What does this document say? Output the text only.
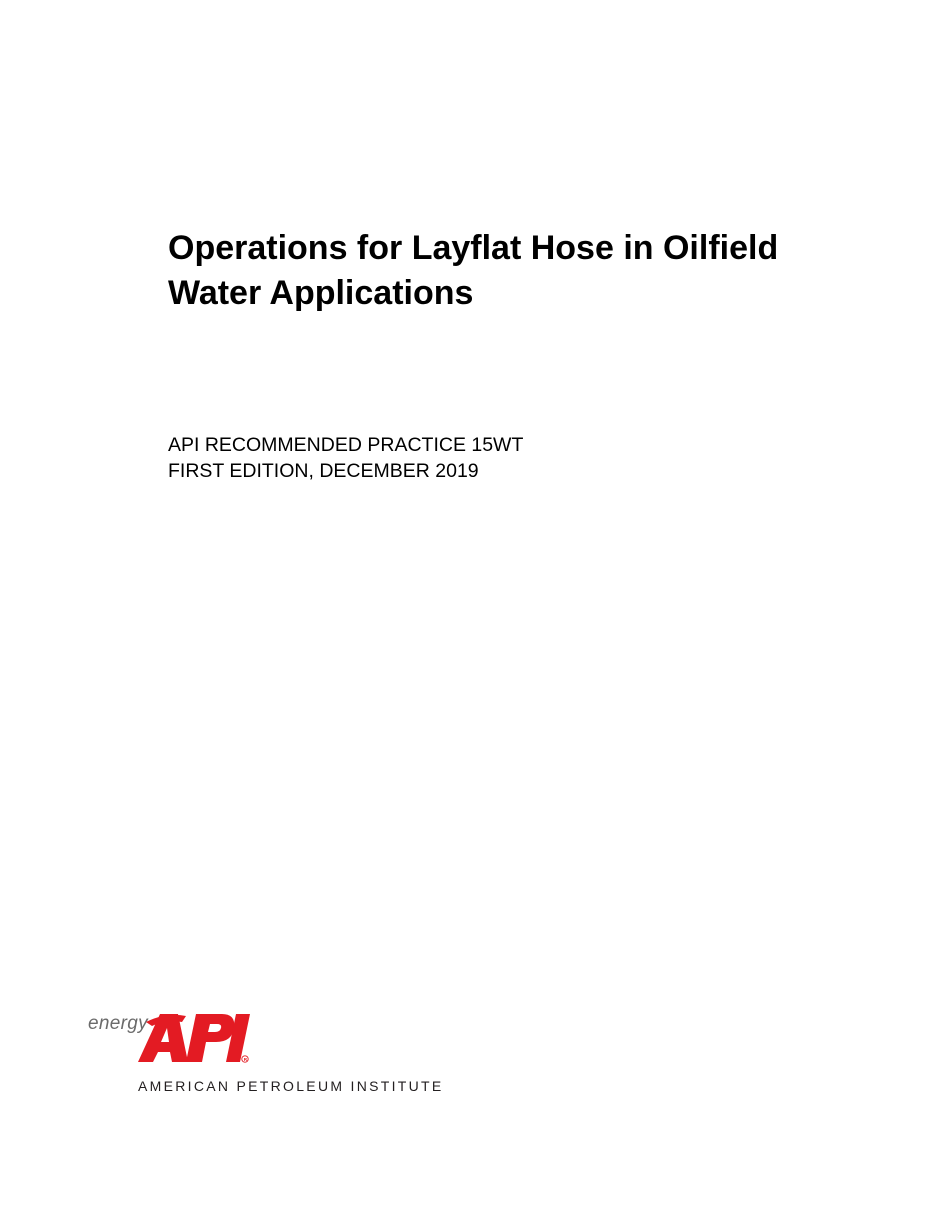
Operations for Layflat Hose in Oilfield
Water Applications
API RECOMMENDED PRACTICE 15WT
FIRST EDITION, DECEMBER 2019
energy
R
AMERICAN PETROLEUM INSTITUTE
